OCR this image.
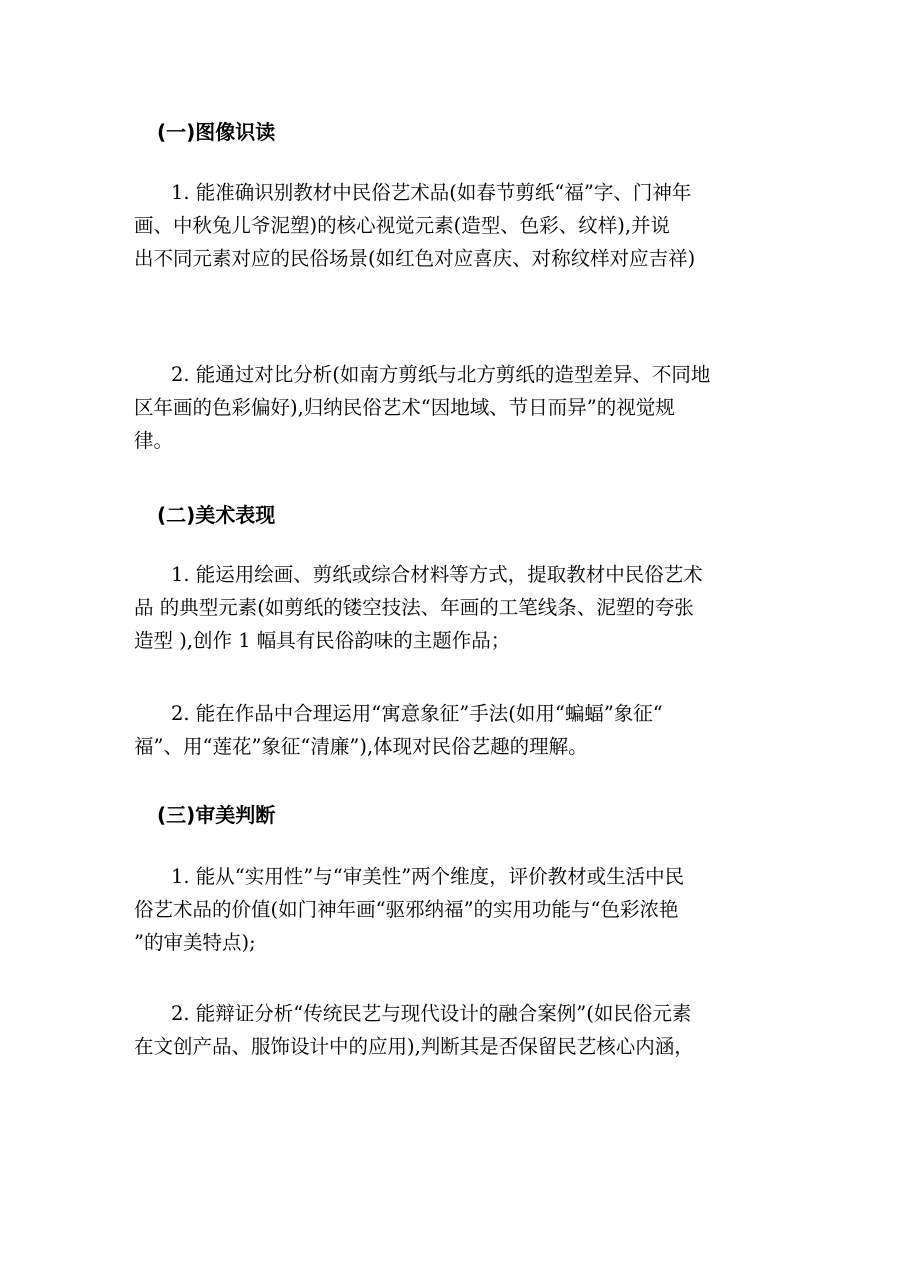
(一)图像识读

1. 能准确识别教材中民俗艺术品(如春节剪纸“福”字、门神年
画、中秋兔儿爷泥塑)的核心视觉元素(造型、色彩、纹样),并说
出不同元素对应的民俗场景(如红色对应喜庆、对称纹样对应吉祥)

2. 能通过对比分析(如南方剪纸与北方剪纸的造型差异、不同地
区年画的色彩偏好),归纳民俗艺术“因地域、节日而异”的视觉规
律。

(二)美术表现

1. 能运用绘画、剪纸或综合材料等方式，提取教材中民俗艺术
品 的典型元素(如剪纸的镂空技法、年画的工笔线条、泥塑的夸张
造型 ),创作 1 幅具有民俗韵味的主题作品；

2. 能在作品中合理运用“寓意象征”手法(如用“蝙蝠”象征“
福”、用“莲花”象征“清廉”),体现对民俗艺趣的理解。

(三)审美判断

1. 能从“实用性”与“审美性”两个维度，评价教材或生活中民
俗艺术品的价值(如门神年画“驱邪纳福”的实用功能与“色彩浓艳
”的审美特点);

2. 能辩证分析“传统民艺与现代设计的融合案例”(如民俗元素
在文创产品、服饰设计中的应用),判断其是否保留民艺核心内涵，
